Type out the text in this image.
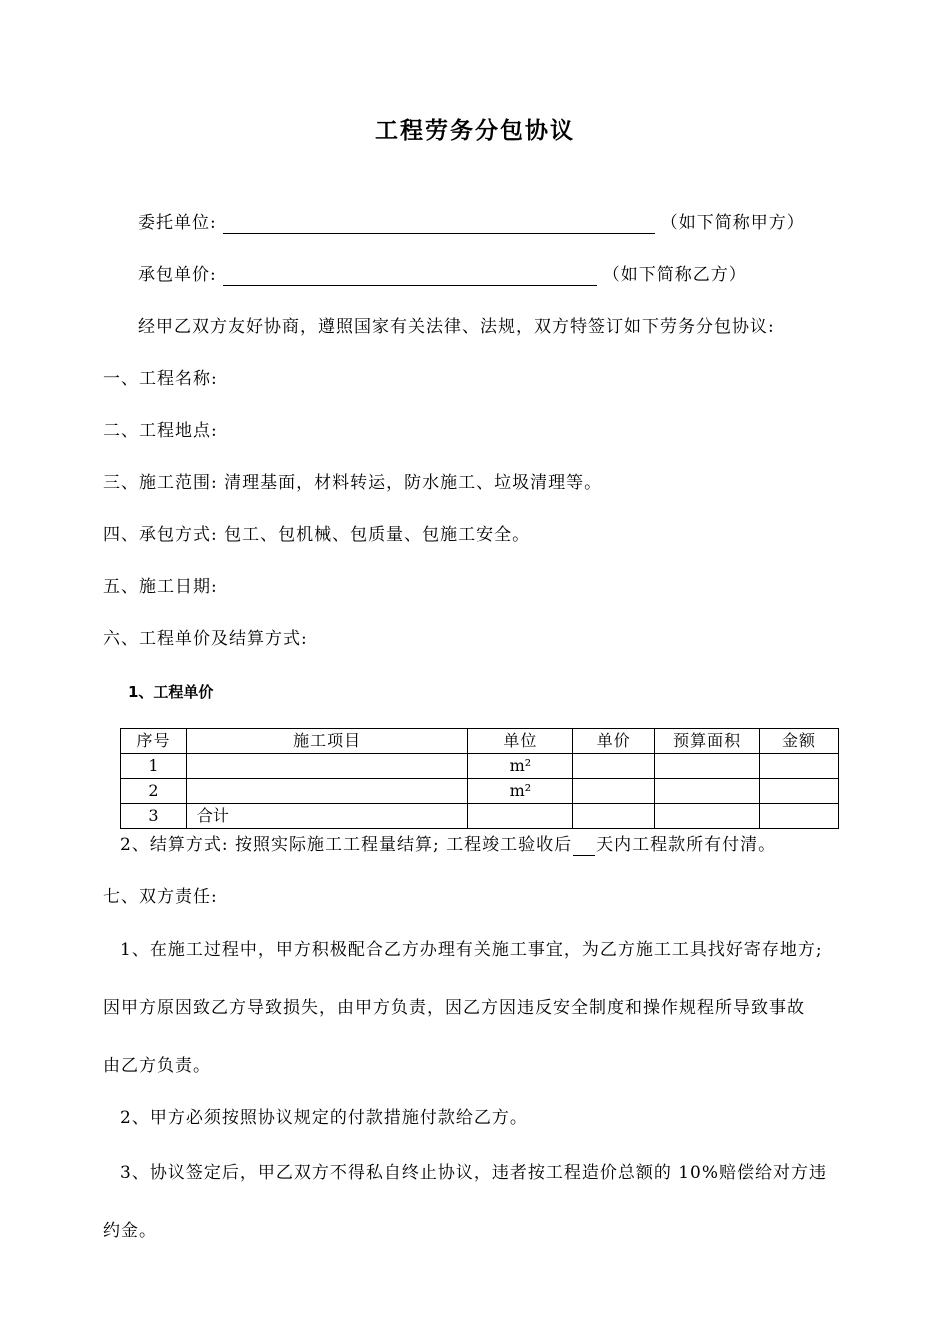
工程劳务分包协议
委托单位:	（如下简称甲方）
承包单价:	（如下简称乙方）
经甲乙双方友好协商，遵照国家有关法律、法规，双方特签订如下劳务分包协议:
一、工程名称:
二、工程地点:
三、施工范围: 清理基面，材料转运，防水施工、垃圾清理等。
四、承包方式: 包工、包机械、包质量、包施工安全。
五、施工日期:
六、工程单价及结算方式:
1、工程单价
序号	施工项目	单位	单价	预算面积	金额
1		m²			
2		m²			
3	合计				
2、结算方式: 按照实际施工工程量结算; 工程竣工验收后 天内工程款所有付清。
七、双方责任:
1、在施工过程中，甲方积极配合乙方办理有关施工事宜，为乙方施工工具找好寄存地方;
因甲方原因致乙方导致损失，由甲方负责，因乙方因违反安全制度和操作规程所导致事故
由乙方负责。
2、甲方必须按照协议规定的付款措施付款给乙方。
3、协议签定后，甲乙双方不得私自终止协议，违者按工程造价总额的 10%赔偿给对方违
约金。
